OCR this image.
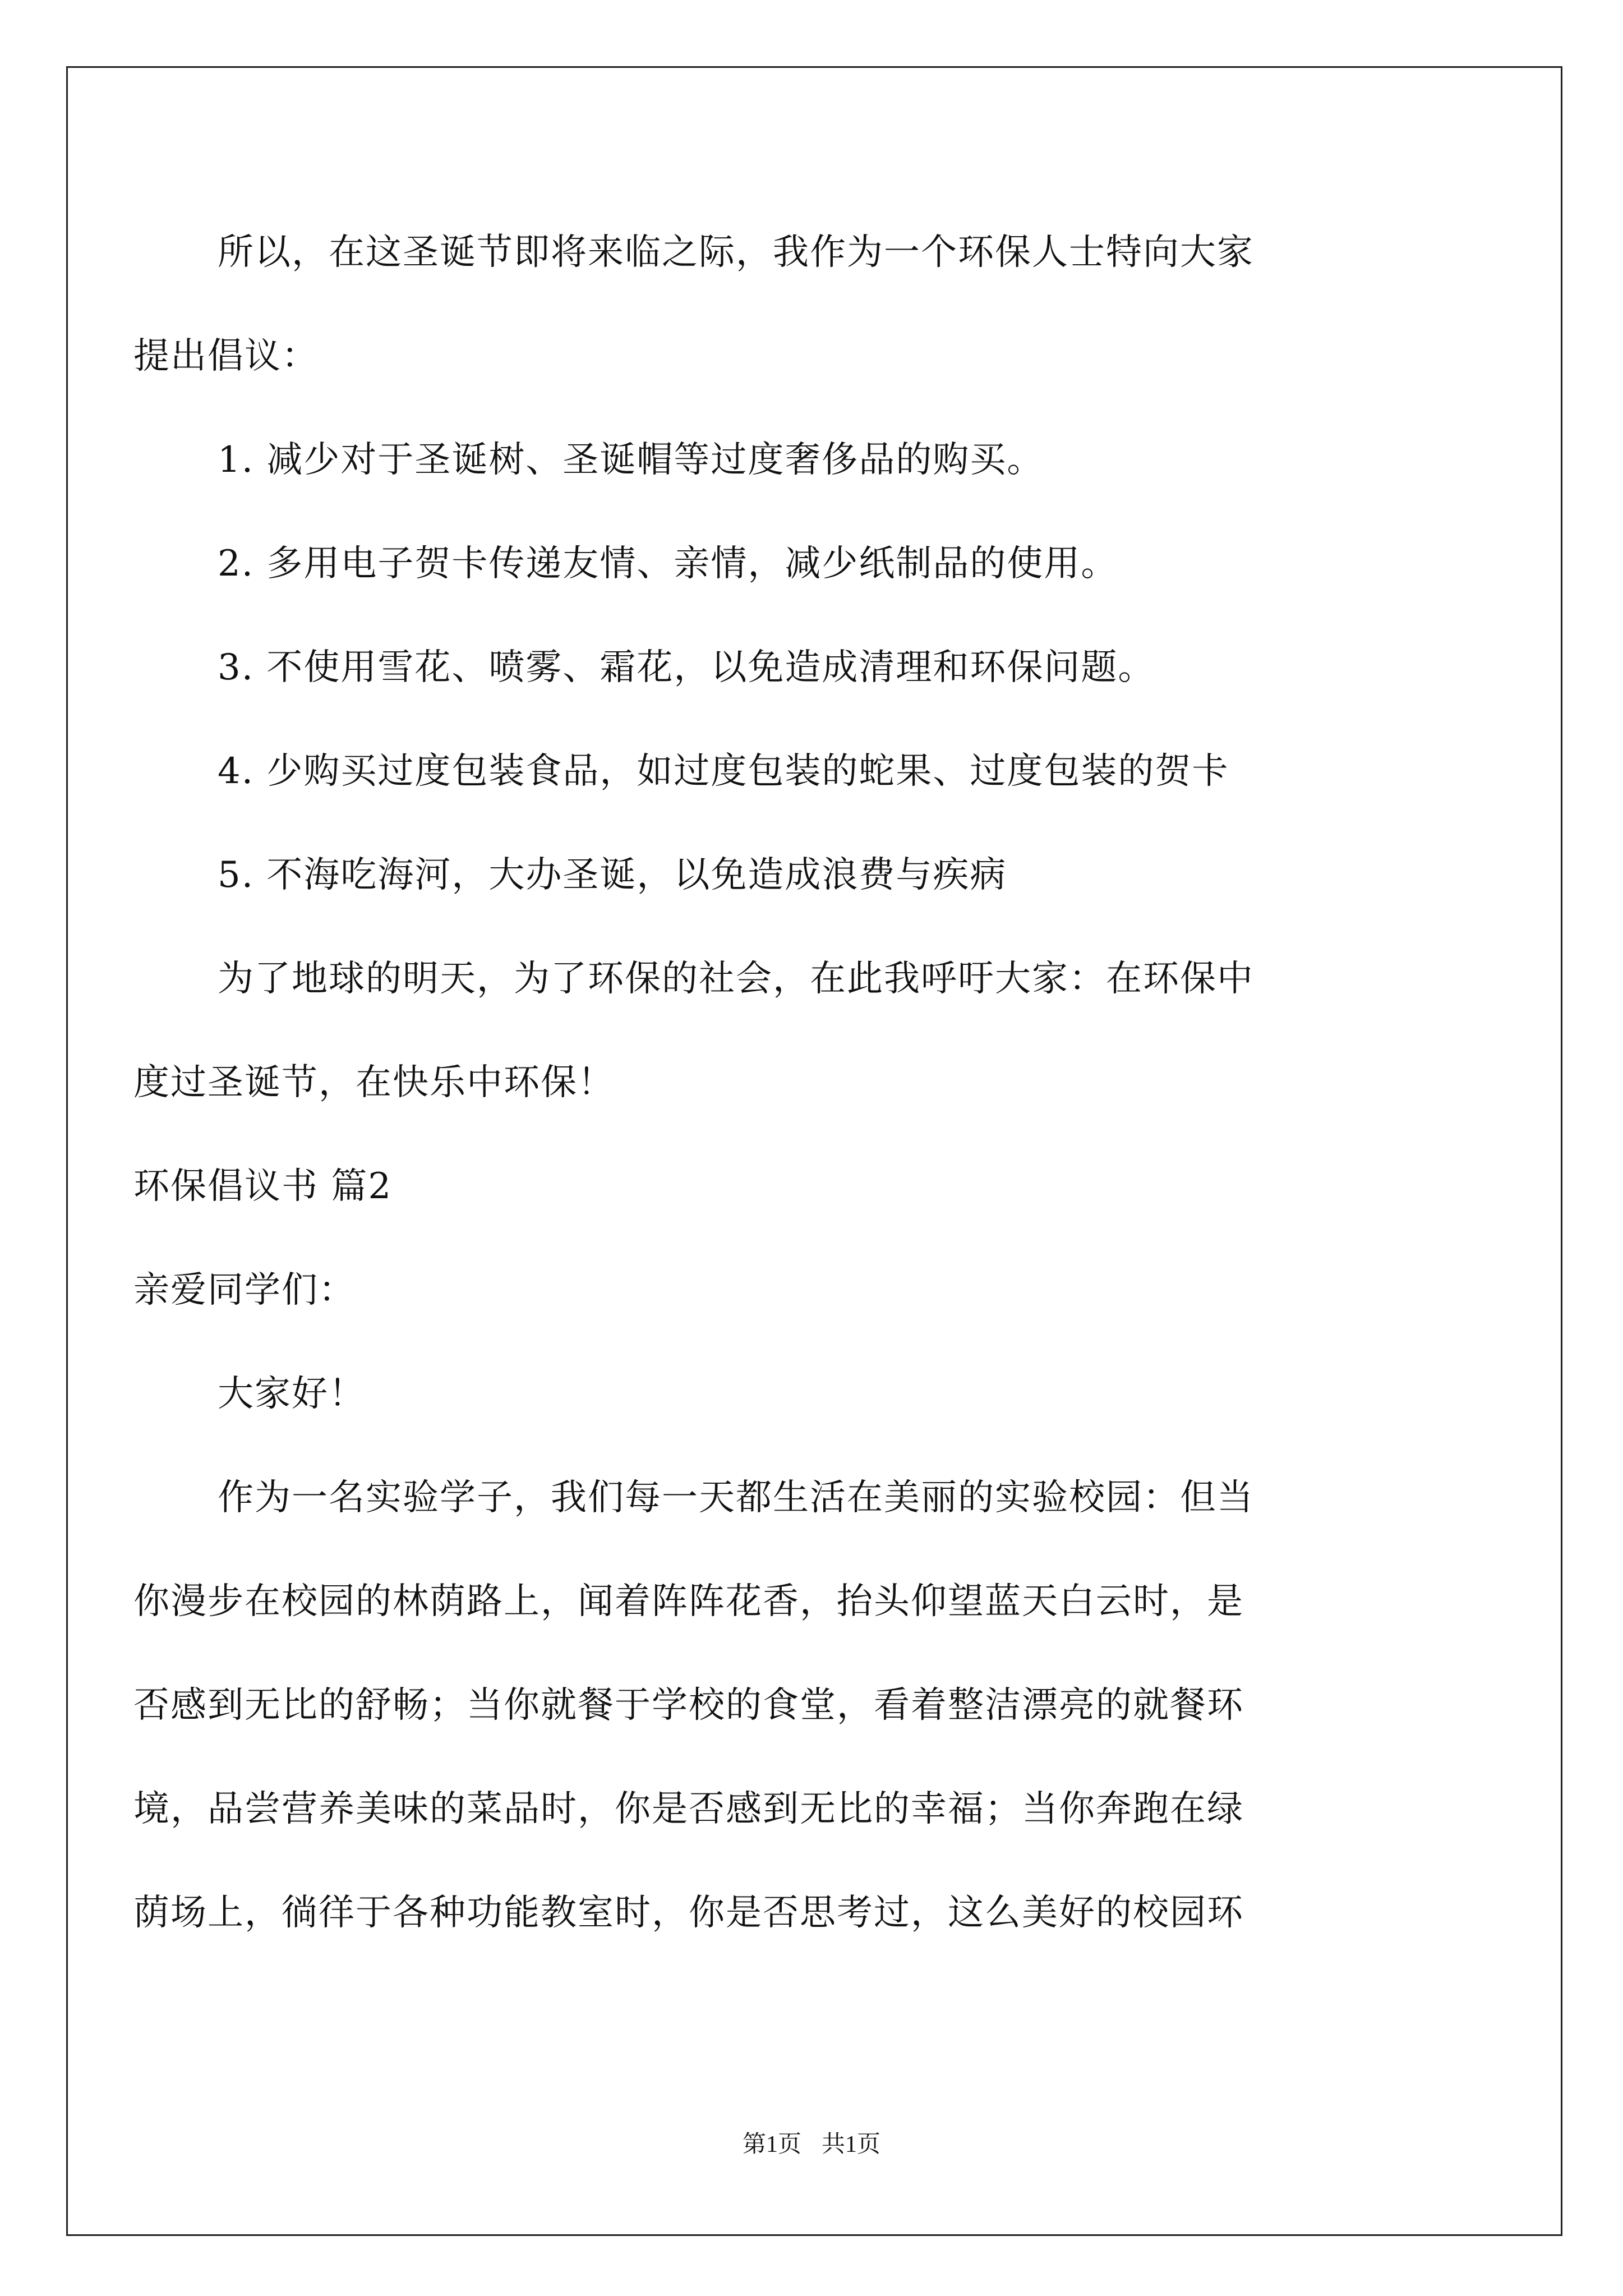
所以，在这圣诞节即将来临之际，我作为一个环保人士特向大家
提出倡议：
1. 减少对于圣诞树、圣诞帽等过度奢侈品的购买。
2. 多用电子贺卡传递友情、亲情，减少纸制品的使用。
3. 不使用雪花、喷雾、霜花，以免造成清理和环保问题。
4. 少购买过度包装食品，如过度包装的蛇果、过度包装的贺卡
5. 不海吃海河，大办圣诞，以免造成浪费与疾病
为了地球的明天，为了环保的社会，在此我呼吁大家：在环保中
度过圣诞节，在快乐中环保！
环保倡议书 篇2
亲爱同学们：
大家好！
作为一名实验学子，我们每一天都生活在美丽的实验校园：但当
你漫步在校园的林荫路上，闻着阵阵花香，抬头仰望蓝天白云时，是
否感到无比的舒畅；当你就餐于学校的食堂，看着整洁漂亮的就餐环
境，品尝营养美味的菜品时，你是否感到无比的幸福；当你奔跑在绿
荫场上，徜徉于各种功能教室时，你是否思考过，这么美好的校园环
第1页 共1页
